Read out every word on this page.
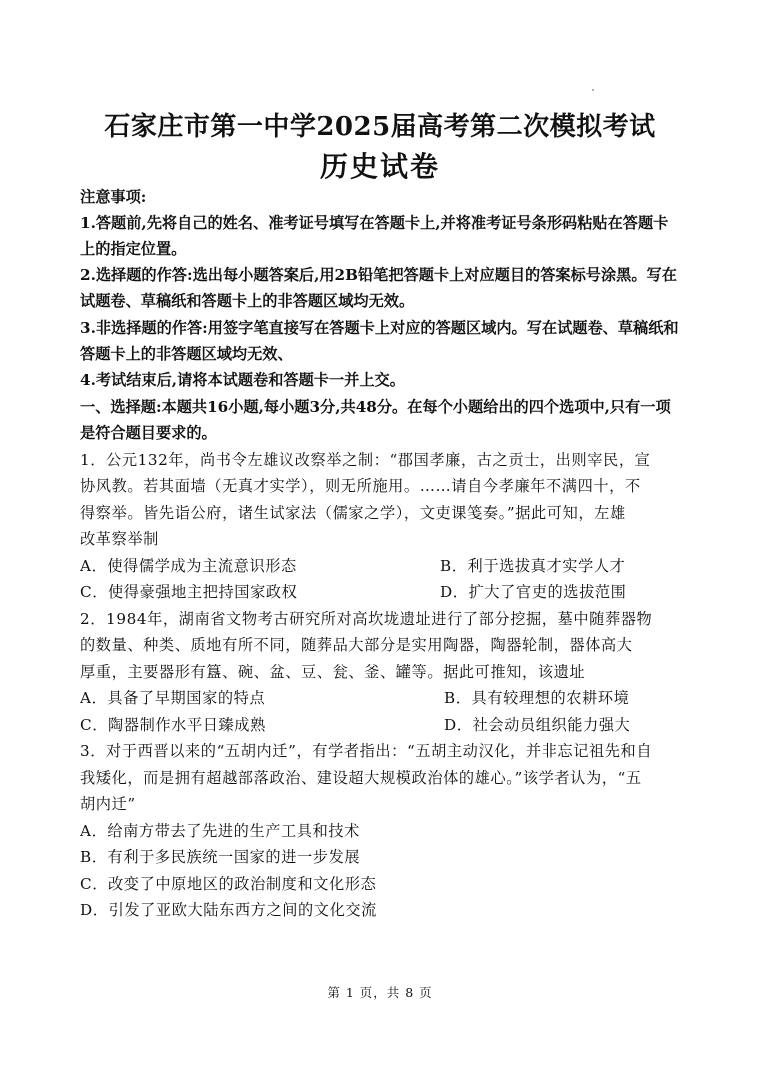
石家庄市第一中学2025届高考第二次模拟考试
历史试卷
注意事项:
1.答题前,先将自己的姓名、准考证号填写在答题卡上,并将准考证号条形码粘贴在答题卡
上的指定位置。
2.选择题的作答:选出每小题答案后,用2B铅笔把答题卡上对应题目的答案标号涂黑。写在
试题卷、草稿纸和答题卡上的非答题区域均无效。
3.非选择题的作答:用签字笔直接写在答题卡上对应的答题区域内。写在试题卷、草稿纸和
答题卡上的非答题区域均无效、
4.考试结束后,请将本试题卷和答题卡一并上交。
一、选择题:本题共16小题,每小题3分,共48分。在每个小题给出的四个选项中,只有一项
是符合题目要求的。
1．公元132年，尚书令左雄议改察举之制：“郡国孝廉，古之贡士，出则宰民，宣
协风教。若其面墙（无真才实学），则无所施用。……请自今孝廉年不满四十，不
得察举。皆先诣公府，诸生试家法（儒家之学），文吏课笺奏。”据此可知，左雄
改革察举制
A．使得儒学成为主流意识形态	B．利于选拔真才实学人才
C．使得豪强地主把持国家政权	D．扩大了官吏的选拔范围
2．1984年，湖南省文物考古研究所对高坎垅遗址进行了部分挖掘，墓中随葬器物
的数量、种类、质地有所不同，随葬品大部分是实用陶器，陶器轮制，器体高大
厚重，主要器形有簋、碗、盆、豆、瓮、釜、罐等。据此可推知，该遗址
A．具备了早期国家的特点	B．具有较理想的农耕环境
C．陶器制作水平日臻成熟	D．社会动员组织能力强大
3．对于西晋以来的“五胡内迁”，有学者指出：“五胡主动汉化，并非忘记祖先和自
我矮化，而是拥有超越部落政治、建设超大规模政治体的雄心。”该学者认为，“五
胡内迁”
A．给南方带去了先进的生产工具和技术
B．有利于多民族统一国家的进一步发展
C．改变了中原地区的政治制度和文化形态
D．引发了亚欧大陆东西方之间的文化交流
第 1 页，共 8 页
